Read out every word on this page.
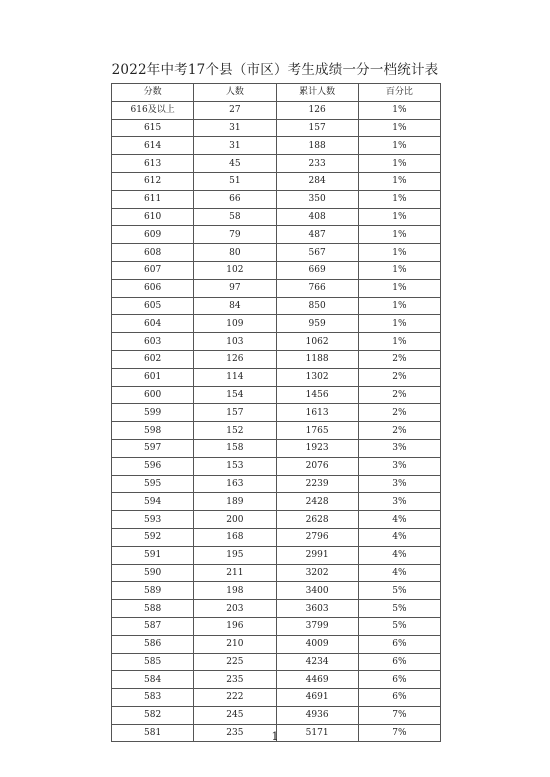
2022年中考17个县（市区）考生成绩一分一档统计表
分数	人数	累计人数	百分比
616及以上	27	126	1%
615	31	157	1%
614	31	188	1%
613	45	233	1%
612	51	284	1%
611	66	350	1%
610	58	408	1%
609	79	487	1%
608	80	567	1%
607	102	669	1%
606	97	766	1%
605	84	850	1%
604	109	959	1%
603	103	1062	1%
602	126	1188	2%
601	114	1302	2%
600	154	1456	2%
599	157	1613	2%
598	152	1765	2%
597	158	1923	3%
596	153	2076	3%
595	163	2239	3%
594	189	2428	3%
593	200	2628	4%
592	168	2796	4%
591	195	2991	4%
590	211	3202	4%
589	198	3400	5%
588	203	3603	5%
587	196	3799	5%
586	210	4009	6%
585	225	4234	6%
584	235	4469	6%
583	222	4691	6%
582	245	4936	7%
581	235	5171	7%
1
